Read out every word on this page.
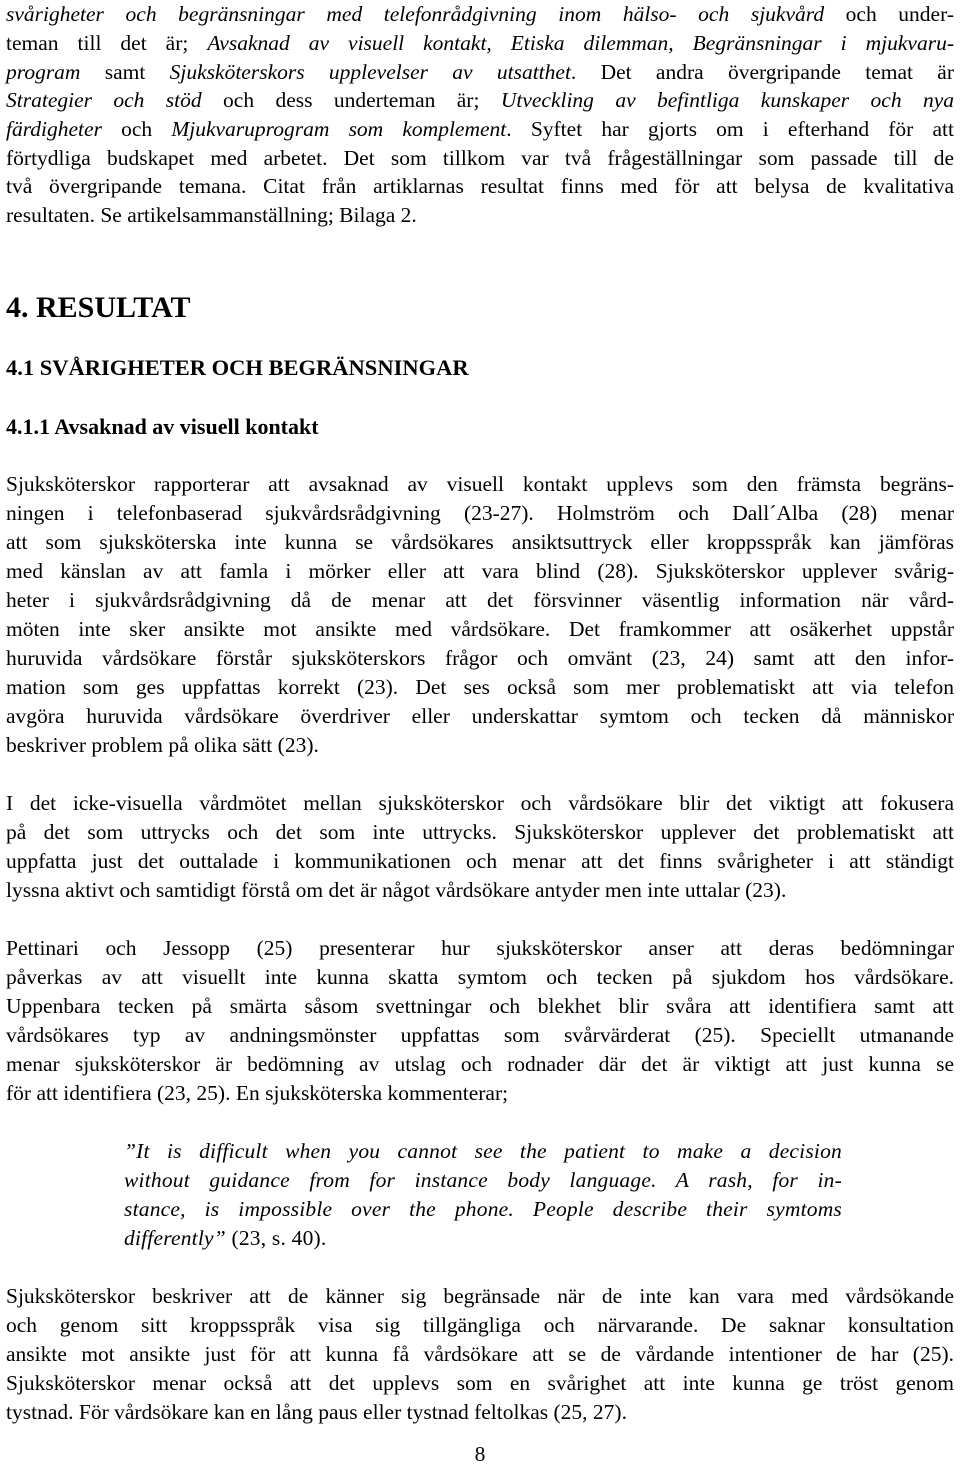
svårigheter och begränsningar med telefonrådgivning inom hälso- och sjukvård och under-
teman till det är; Avsaknad av visuell kontakt, Etiska dilemman, Begränsningar i mjukvaru-
program samt Sjuksköterskors upplevelser av utsatthet. Det andra övergripande temat är
Strategier och stöd och dess underteman är; Utveckling av befintliga kunskaper och nya
färdigheter och Mjukvaruprogram som komplement. Syftet har gjorts om i efterhand för att
förtydliga budskapet med arbetet. Det som tillkom var två frågeställningar som passade till de
två övergripande temana. Citat från artiklarnas resultat finns med för att belysa de kvalitativa
resultaten. Se artikelsammanställning; Bilaga 2.
4. RESULTAT
4.1 SVÅRIGHETER OCH BEGRÄNSNINGAR
4.1.1 Avsaknad av visuell kontakt
Sjuksköterskor rapporterar att avsaknad av visuell kontakt upplevs som den främsta begräns-
ningen i telefonbaserad sjukvårdsrådgivning (23-27). Holmström och Dall´Alba (28) menar
att som sjuksköterska inte kunna se vårdsökares ansiktsuttryck eller kroppsspråk kan jämföras
med känslan av att famla i mörker eller att vara blind (28). Sjuksköterskor upplever svårig-
heter i sjukvårdsrådgivning då de menar att det försvinner väsentlig information när vård-
möten inte sker ansikte mot ansikte med vårdsökare. Det framkommer att osäkerhet uppstår
huruvida vårdsökare förstår sjuksköterskors frågor och omvänt (23, 24) samt att den infor-
mation som ges uppfattas korrekt (23). Det ses också som mer problematiskt att via telefon
avgöra huruvida vårdsökare överdriver eller underskattar symtom och tecken då människor
beskriver problem på olika sätt (23).
I det icke-visuella vårdmötet mellan sjuksköterskor och vårdsökare blir det viktigt att fokusera
på det som uttrycks och det som inte uttrycks. Sjuksköterskor upplever det problematiskt att
uppfatta just det outtalade i kommunikationen och menar att det finns svårigheter i att ständigt
lyssna aktivt och samtidigt förstå om det är något vårdsökare antyder men inte uttalar (23).
Pettinari och Jessopp (25) presenterar hur sjuksköterskor anser att deras bedömningar
påverkas av att visuellt inte kunna skatta symtom och tecken på sjukdom hos vårdsökare.
Uppenbara tecken på smärta såsom svettningar och blekhet blir svåra att identifiera samt att
vårdsökares typ av andningsmönster uppfattas som svårvärderat (25). Speciellt utmanande
menar sjuksköterskor är bedömning av utslag och rodnader där det är viktigt att just kunna se
för att identifiera (23, 25). En sjuksköterska kommenterar;
”It is difficult when you cannot see the patient to make a decision
without guidance from for instance body language. A rash, for in-
stance, is impossible over the phone. People describe their symtoms
differently” (23, s. 40).
Sjuksköterskor beskriver att de känner sig begränsade när de inte kan vara med vårdsökande
och genom sitt kroppsspråk visa sig tillgängliga och närvarande. De saknar konsultation
ansikte mot ansikte just för att kunna få vårdsökare att se de vårdande intentioner de har (25).
Sjuksköterskor menar också att det upplevs som en svårighet att inte kunna ge tröst genom
tystnad. För vårdsökare kan en lång paus eller tystnad feltolkas (25, 27).
8
